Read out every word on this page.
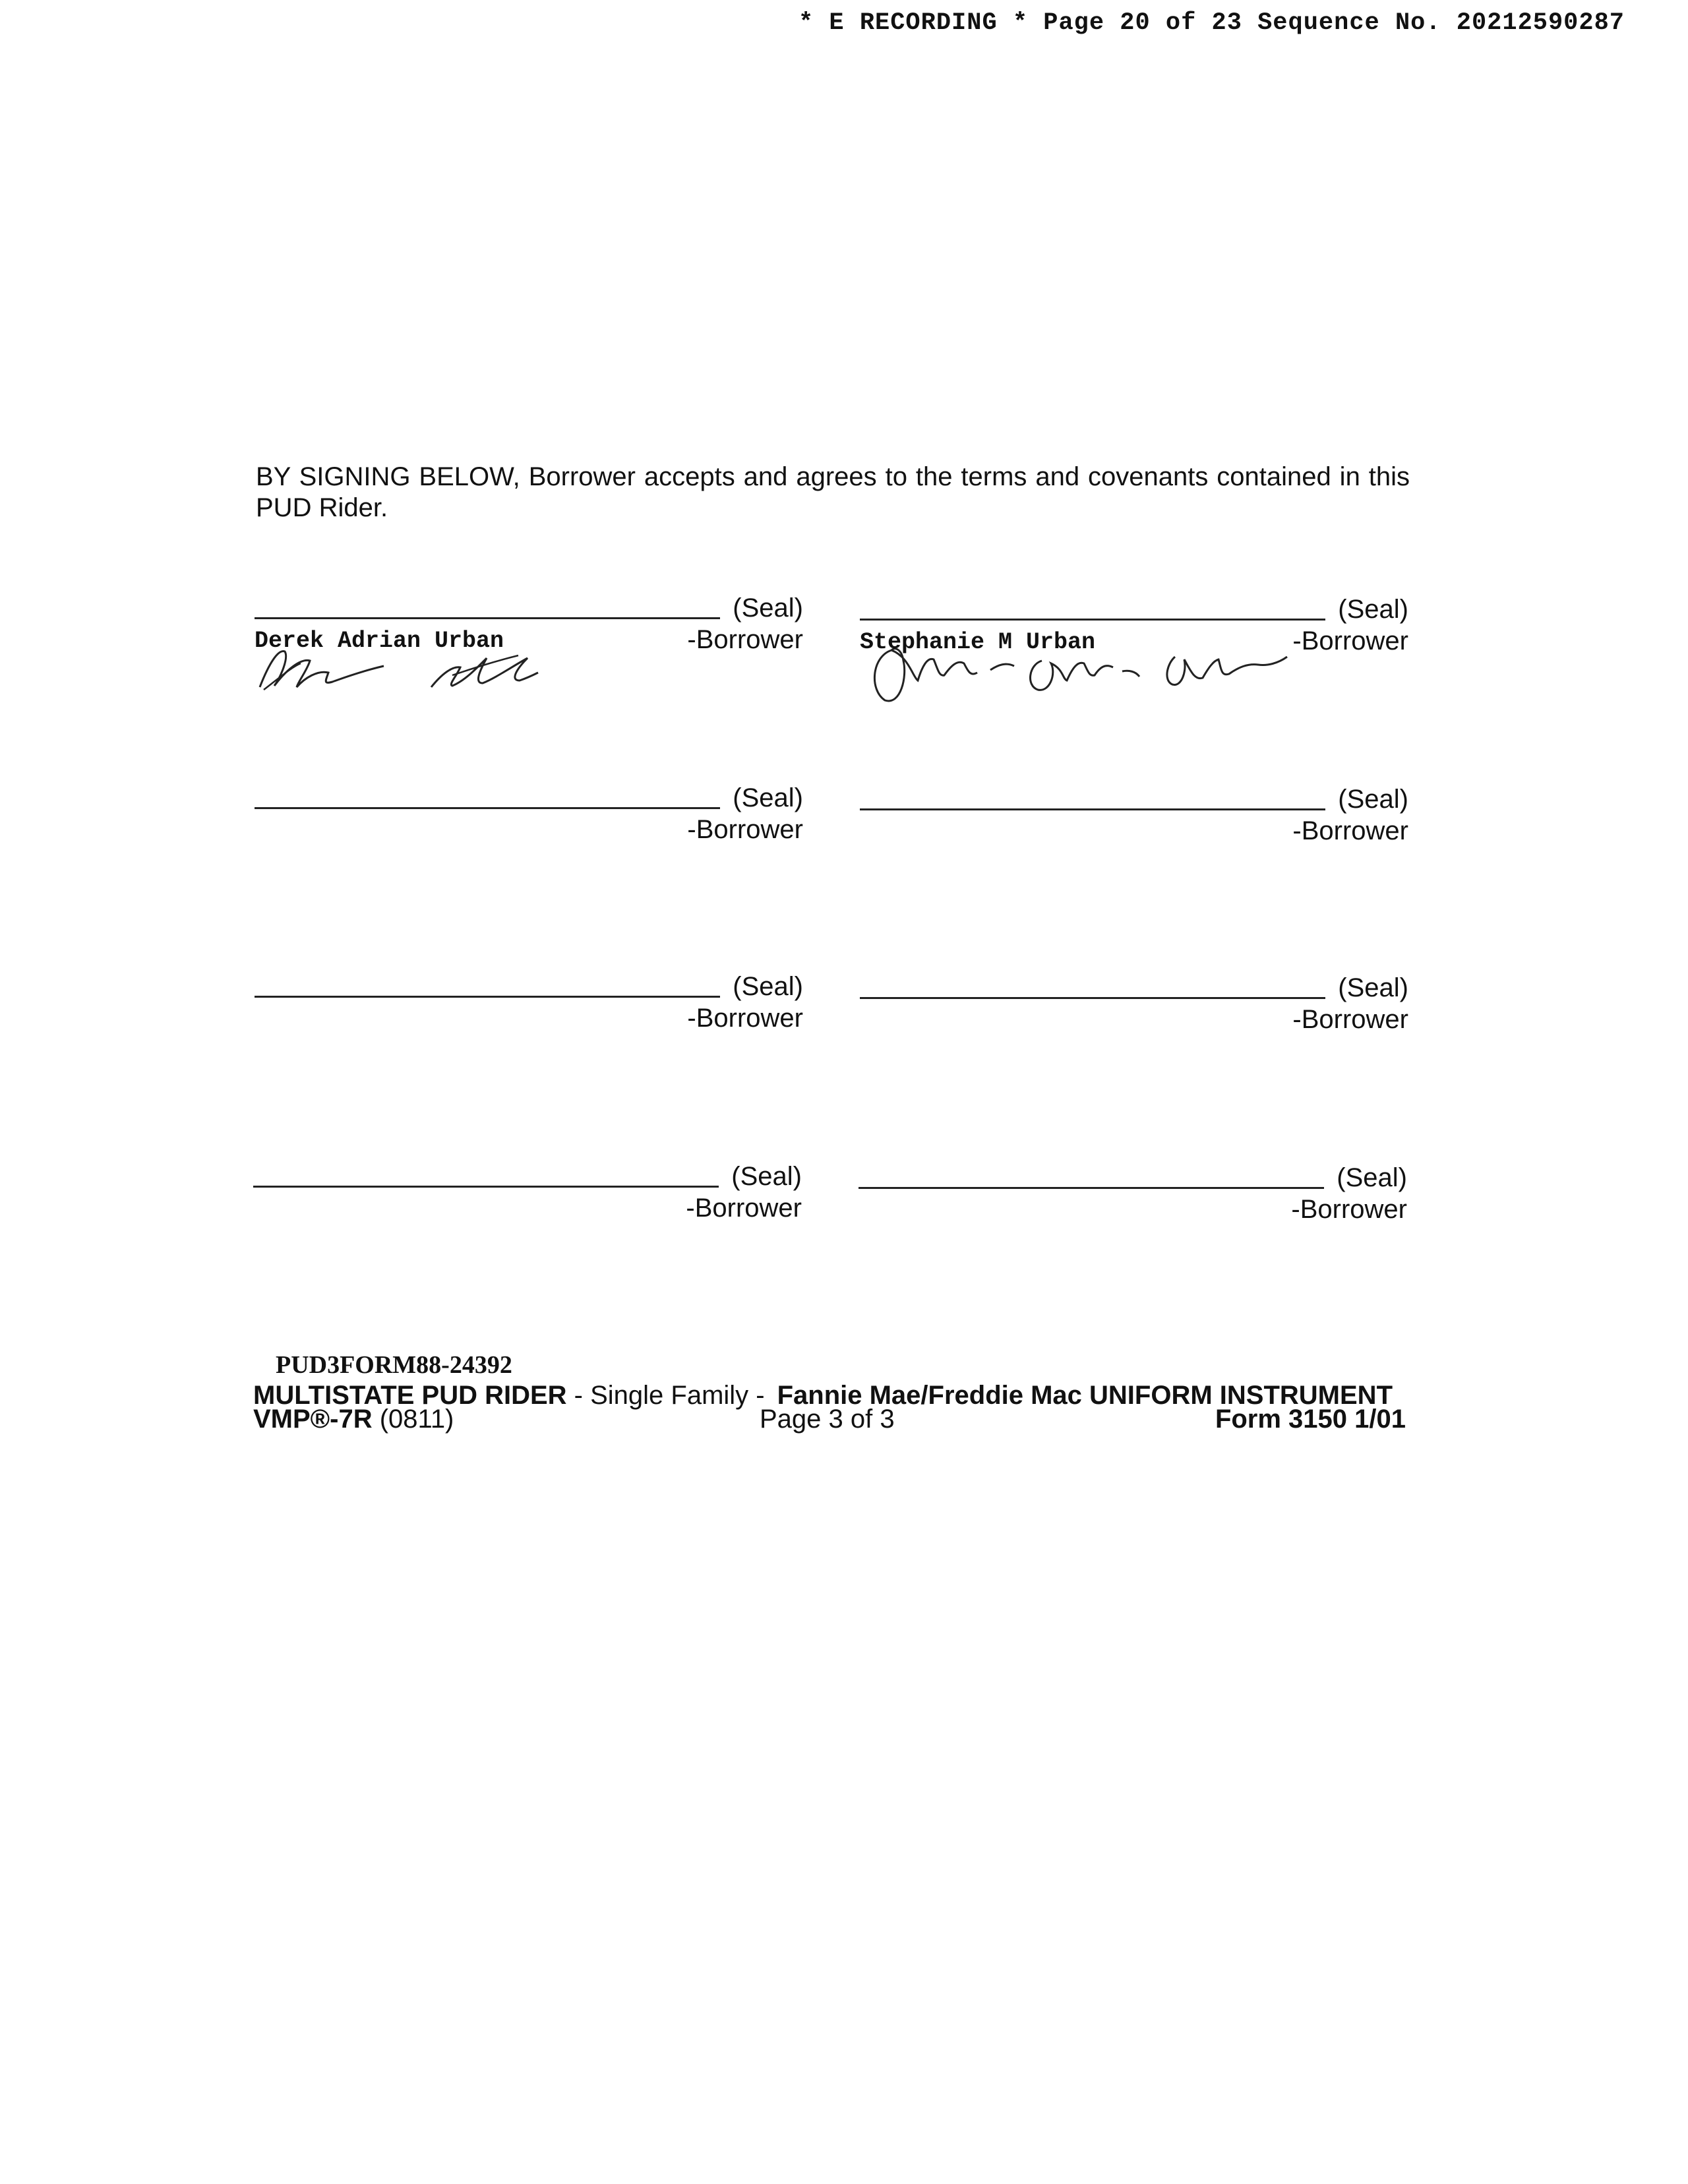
* E RECORDING * Page 20 of 23 Sequence No. 20212590287
BY SIGNING BELOW, Borrower accepts and agrees to the terms and covenants contained in this PUD Rider.
(Seal)
-Borrower
Derek Adrian Urban
(Seal)
-Borrower
Stephanie M Urban
(Seal)
-Borrower
(Seal)
-Borrower
(Seal)
-Borrower
(Seal)
-Borrower
(Seal)
-Borrower
(Seal)
-Borrower
PUD3FORM88-24392
MULTISTATE PUD RIDER - Single Family - Fannie Mae/Freddie Mac UNIFORM INSTRUMENT
VMP®-7R (0811)	Page 3 of 3	Form 3150 1/01
